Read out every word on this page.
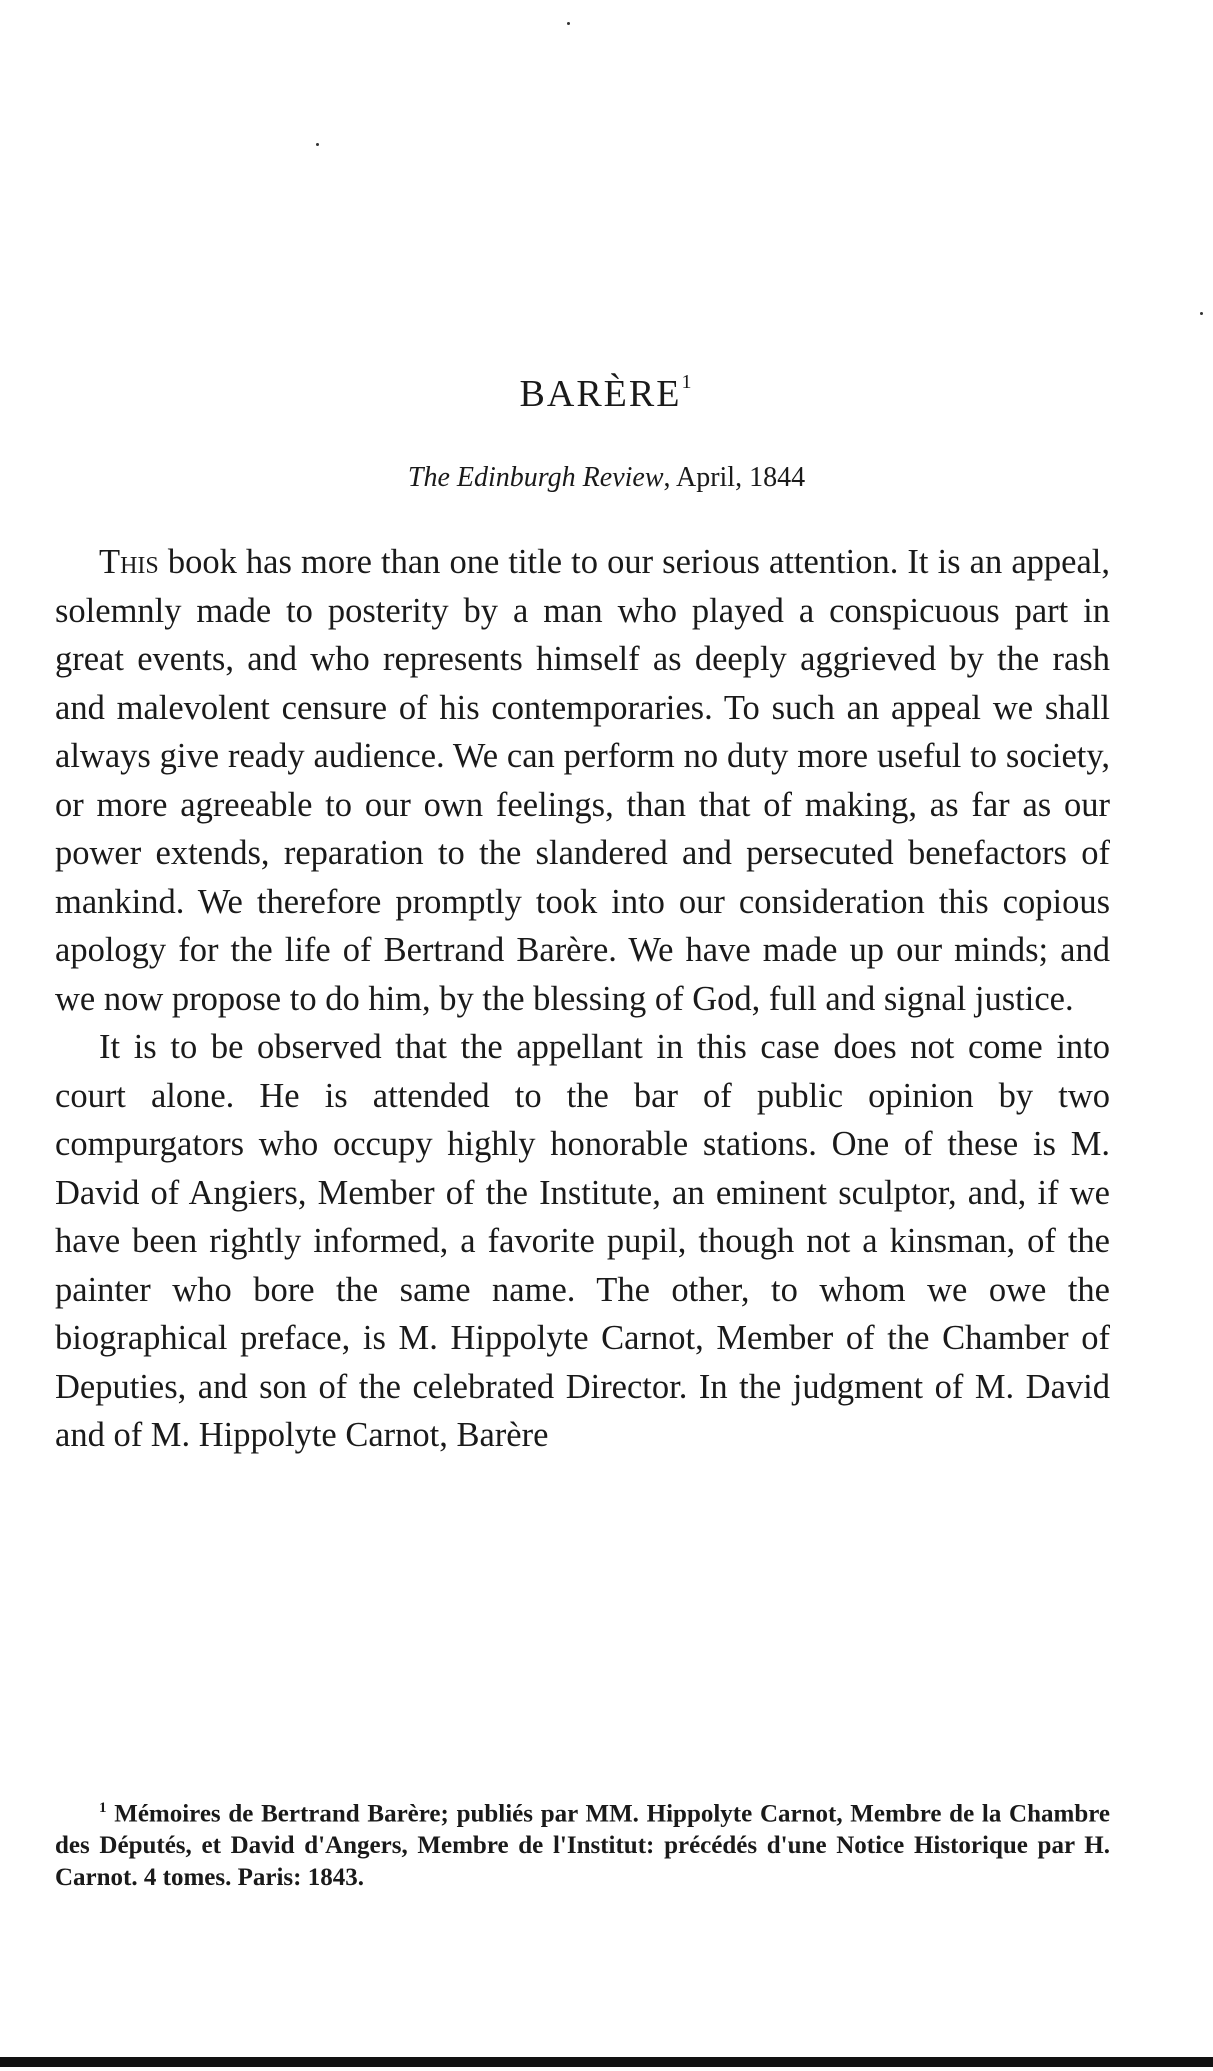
BARÈRE$^1$
The Edinburgh Review, April, 1844

This book has more than one title to our serious attention. It is an appeal, solemnly made to posterity by a man who played a conspicuous part in great events, and who represents himself as deeply aggrieved by the rash and malevolent censure of his contemporaries. To such an appeal we shall always give ready audience. We can perform no duty more useful to society, or more agreeable to our own feelings, than that of making, as far as our power extends, reparation to the slandered and persecuted benefactors of mankind. We therefore promptly took into our consideration this copious apology for the life of Bertrand Barère. We have made up our minds; and we now propose to do him, by the blessing of God, full and signal justice.

It is to be observed that the appellant in this case does not come into court alone. He is attended to the bar of public opinion by two compurgators who occupy highly honorable stations. One of these is M. David of Angiers, Member of the Institute, an eminent sculptor, and, if we have been rightly informed, a favorite pupil, though not a kinsman, of the painter who bore the same name. The other, to whom we owe the biographical preface, is M. Hippolyte Carnot, Member of the Chamber of Deputies, and son of the celebrated Director. In the judgment of M. David and of M. Hippolyte Carnot, Barère

$^1$ Mémoires de Bertrand Barère; publiés par MM. Hippolyte Carnot, Membre de la Chambre des Députés, et David d'Angers, Membre de l'Institut: précédés d'une Notice Historique par H. Carnot. 4 tomes. Paris: 1843.
